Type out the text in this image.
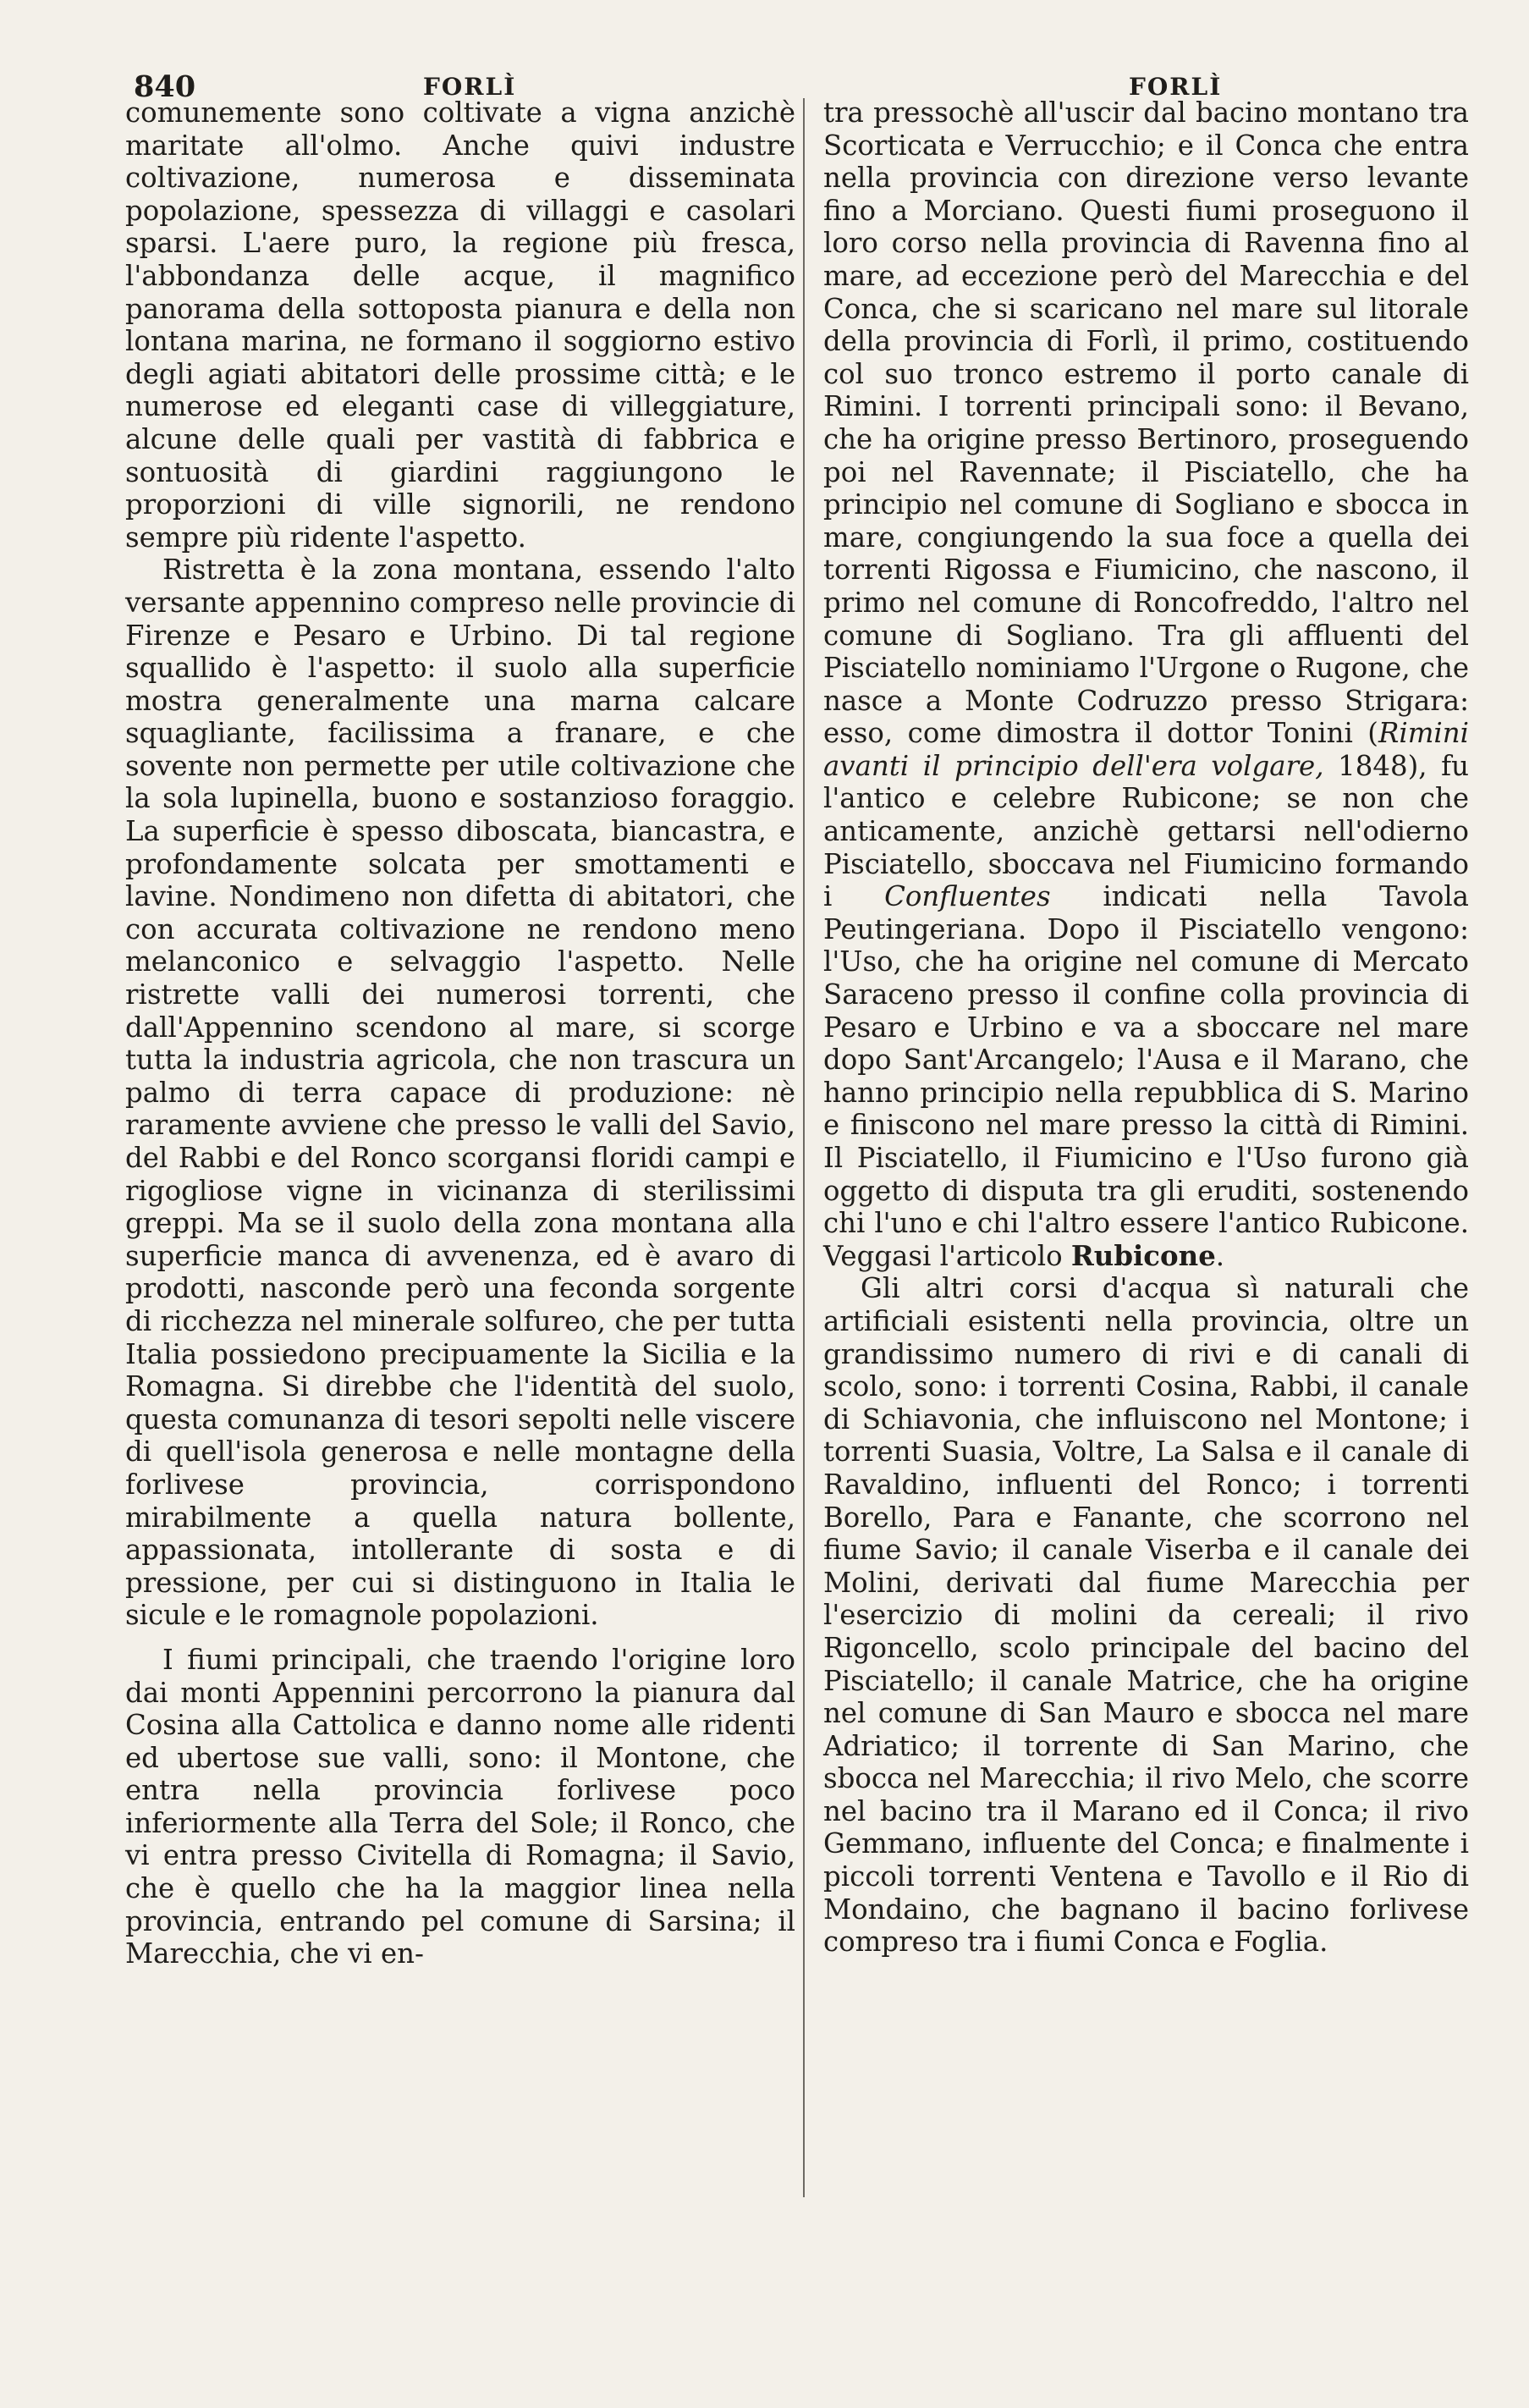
840	FORLÌ	FORLÌ

comunemente sono coltivate a vigna anzichè maritate all'olmo. Anche quivi industre coltivazione, numerosa e disseminata popolazione, spessezza di villaggi e casolari sparsi. L'aere puro, la regione più fresca, l'abbondanza delle acque, il magnifico panorama della sottoposta pianura e della non lontana marina, ne formano il soggiorno estivo degli agiati abitatori delle prossime città; e le numerose ed eleganti case di villeggiature, alcune delle quali per vastità di fabbrica e sontuosità di giardini raggiungono le proporzioni di ville signorili, ne rendono sempre più ridente l'aspetto.

Ristretta è la zona montana, essendo l'alto versante appennino compreso nelle provincie di Firenze e Pesaro e Urbino. Di tal regione squallido è l'aspetto: il suolo alla superficie mostra generalmente una marna calcare squagliante, facilissima a franare, e che sovente non permette per utile coltivazione che la sola lupinella, buono e sostanzioso foraggio. La superficie è spesso diboscata, biancastra, e profondamente solcata per smottamenti e lavine. Nondimeno non difetta di abitatori, che con accurata coltivazione ne rendono meno melanconico e selvaggio l'aspetto. Nelle ristrette valli dei numerosi torrenti, che dall'Appennino scendono al mare, si scorge tutta la industria agricola, che non trascura un palmo di terra capace di produzione: nè raramente avviene che presso le valli del Savio, del Rabbi e del Ronco scorgansi floridi campi e rigogliose vigne in vicinanza di sterilissimi greppi. Ma se il suolo della zona montana alla superficie manca di avvenenza, ed è avaro di prodotti, nasconde però una feconda sorgente di ricchezza nel minerale solfureo, che per tutta Italia possiedono precipuamente la Sicilia e la Romagna. Si direbbe che l'identità del suolo, questa comunanza di tesori sepolti nelle viscere di quell'isola generosa e nelle montagne della forlivese provincia, corrispondono mirabilmente a quella natura bollente, appassionata, intollerante di sosta e di pressione, per cui si distinguono in Italia le sicule e le romagnole popolazioni.

I fiumi principali, che traendo l'origine loro dai monti Appennini percorrono la pianura dal Cosina alla Cattolica e danno nome alle ridenti ed ubertose sue valli, sono: il Montone, che entra nella provincia forlivese poco inferiormente alla Terra del Sole; il Ronco, che vi entra presso Civitella di Romagna; il Savio, che è quello che ha la maggior linea nella provincia, entrando pel comune di Sarsina; il Marecchia, che vi en-

tra pressochè all'uscir dal bacino montano tra Scorticata e Verrucchio; e il Conca che entra nella provincia con direzione verso levante fino a Morciano. Questi fiumi proseguono il loro corso nella provincia di Ravenna fino al mare, ad eccezione però del Marecchia e del Conca, che si scaricano nel mare sul litorale della provincia di Forlì, il primo, costituendo col suo tronco estremo il porto canale di Rimini. I torrenti principali sono: il Bevano, che ha origine presso Bertinoro, proseguendo poi nel Ravennate; il Pisciatello, che ha principio nel comune di Sogliano e sbocca in mare, congiungendo la sua foce a quella dei torrenti Rigossa e Fiumicino, che nascono, il primo nel comune di Roncofreddo, l'altro nel comune di Sogliano. Tra gli affluenti del Pisciatello nominiamo l'Urgone o Rugone, che nasce a Monte Codruzzo presso Strigara: esso, come dimostra il dottor Tonini (Rimini avanti il principio dell'era volgare, 1848), fu l'antico e celebre Rubicone; se non che anticamente, anzichè gettarsi nell'odierno Pisciatello, sboccava nel Fiumicino formando i Confluentes indicati nella Tavola Peutingeriana. Dopo il Pisciatello vengono: l'Uso, che ha origine nel comune di Mercato Saraceno presso il confine colla provincia di Pesaro e Urbino e va a sboccare nel mare dopo Sant'Arcangelo; l'Ausa e il Marano, che hanno principio nella repubblica di S. Marino e finiscono nel mare presso la città di Rimini. Il Pisciatello, il Fiumicino e l'Uso furono già oggetto di disputa tra gli eruditi, sostenendo chi l'uno e chi l'altro essere l'antico Rubicone. Veggasi l'articolo Rubicone.

Gli altri corsi d'acqua sì naturali che artificiali esistenti nella provincia, oltre un grandissimo numero di rivi e di canali di scolo, sono: i torrenti Cosina, Rabbi, il canale di Schiavonia, che influiscono nel Montone; i torrenti Suasia, Voltre, La Salsa e il canale di Ravaldino, influenti del Ronco; i torrenti Borello, Para e Fanante, che scorrono nel fiume Savio; il canale Viserba e il canale dei Molini, derivati dal fiume Marecchia per l'esercizio di molini da cereali; il rivo Rigoncello, scolo principale del bacino del Pisciatello; il canale Matrice, che ha origine nel comune di San Mauro e sbocca nel mare Adriatico; il torrente di San Marino, che sbocca nel Marecchia; il rivo Melo, che scorre nel bacino tra il Marano ed il Conca; il rivo Gemmano, influente del Conca; e finalmente i piccoli torrenti Ventena e Tavollo e il Rio di Mondaino, che bagnano il bacino forlivese compreso tra i fiumi Conca e Foglia.
